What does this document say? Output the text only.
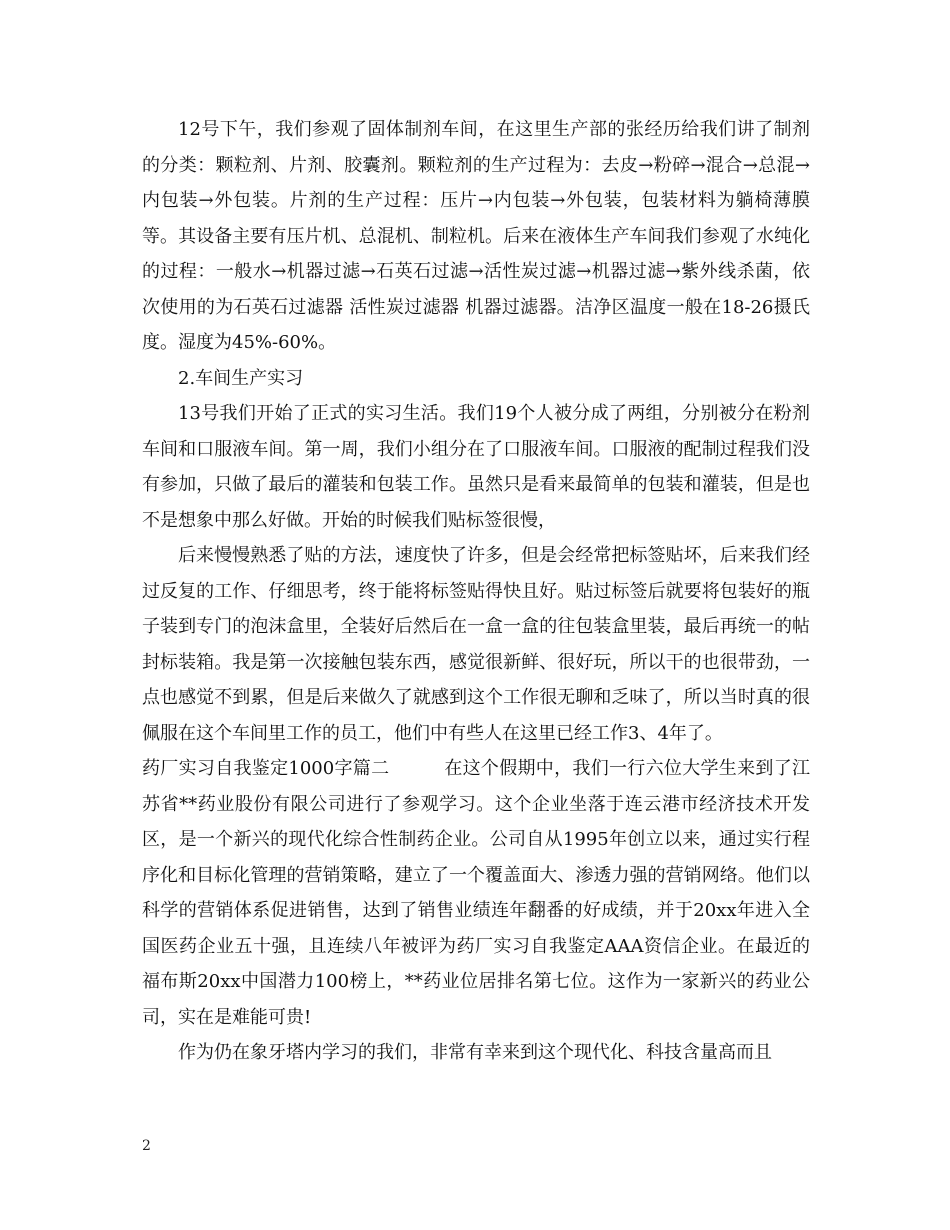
12号下午，我们参观了固体制剂车间，在这里生产部的张经历给我们讲了制剂的分类：颗粒剂、片剂、胶囊剂。颗粒剂的生产过程为：去皮→粉碎→混合→总混→内包装→外包装。片剂的生产过程：压片→内包装→外包装，包装材料为躺椅薄膜等。其设备主要有压片机、总混机、制粒机。后来在液体生产车间我们参观了水纯化的过程：一般水→机器过滤→石英石过滤→活性炭过滤→机器过滤→紫外线杀菌，依次使用的为石英石过滤器 活性炭过滤器 机器过滤器。洁净区温度一般在18-26摄氏度。湿度为45%-60%。

2.车间生产实习

13号我们开始了正式的实习生活。我们19个人被分成了两组，分别被分在粉剂车间和口服液车间。第一周，我们小组分在了口服液车间。口服液的配制过程我们没有参加，只做了最后的灌装和包装工作。虽然只是看来最简单的包装和灌装，但是也不是想象中那么好做。开始的时候我们贴标签很慢，

后来慢慢熟悉了贴的方法，速度快了许多，但是会经常把标签贴坏，后来我们经过反复的工作、仔细思考，终于能将标签贴得快且好。贴过标签后就要将包装好的瓶子装到专门的泡沫盒里，全装好后然后在一盒一盒的往包装盒里装，最后再统一的帖封标装箱。我是第一次接触包装东西，感觉很新鲜、很好玩，所以干的也很带劲，一点也感觉不到累，但是后来做久了就感到这个工作很无聊和乏味了，所以当时真的很佩服在这个车间里工作的员工，他们中有些人在这里已经工作3、4年了。

药厂实习自我鉴定1000字篇二　　　	在这个假期中，我们一行六位大学生来到了江苏省**药业股份有限公司进行了参观学习。这个企业坐落于连云港市经济技术开发区，是一个新兴的现代化综合性制药企业。公司自从1995年创立以来，通过实行程序化和目标化管理的营销策略，建立了一个覆盖面大、渗透力强的营销网络。他们以科学的营销体系促进销售，达到了销售业绩连年翻番的好成绩，并于20xx年进入全国医药企业五十强，且连续八年被评为药厂实习自我鉴定AAA资信企业。在最近的福布斯20xx中国潜力100榜上，**药业位居排名第七位。这作为一家新兴的药业公司，实在是难能可贵!

作为仍在象牙塔内学习的我们，非常有幸来到这个现代化、科技含量高而且

2
